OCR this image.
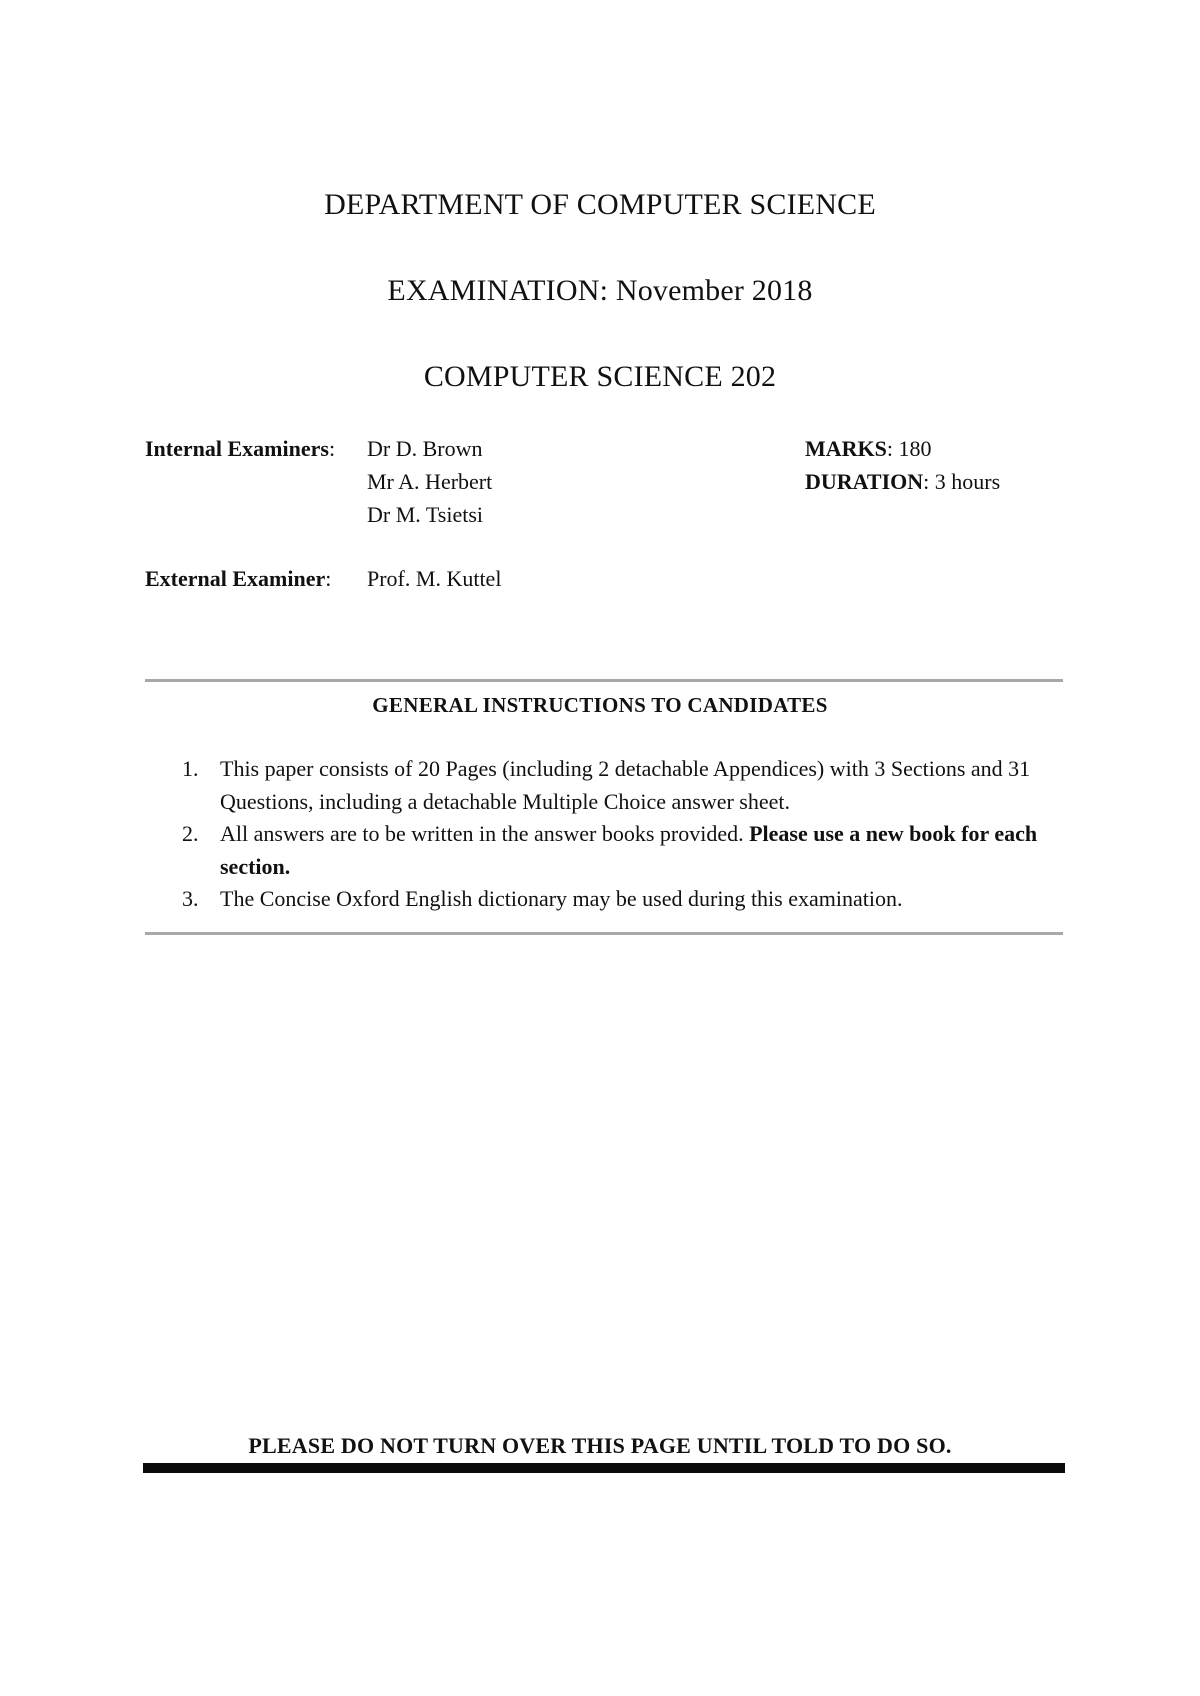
DEPARTMENT OF COMPUTER SCIENCE
EXAMINATION: November 2018
COMPUTER SCIENCE 202
Internal Examiners: Dr D. Brown
Mr A. Herbert
Dr M. Tsietsi
MARKS: 180
DURATION: 3 hours
External Examiner: Prof. M. Kuttel
GENERAL INSTRUCTIONS TO CANDIDATES
1. This paper consists of 20 Pages (including 2 detachable Appendices) with 3 Sections and 31 Questions, including a detachable Multiple Choice answer sheet.
2. All answers are to be written in the answer books provided. Please use a new book for each section.
3. The Concise Oxford English dictionary may be used during this examination.
PLEASE DO NOT TURN OVER THIS PAGE UNTIL TOLD TO DO SO.
